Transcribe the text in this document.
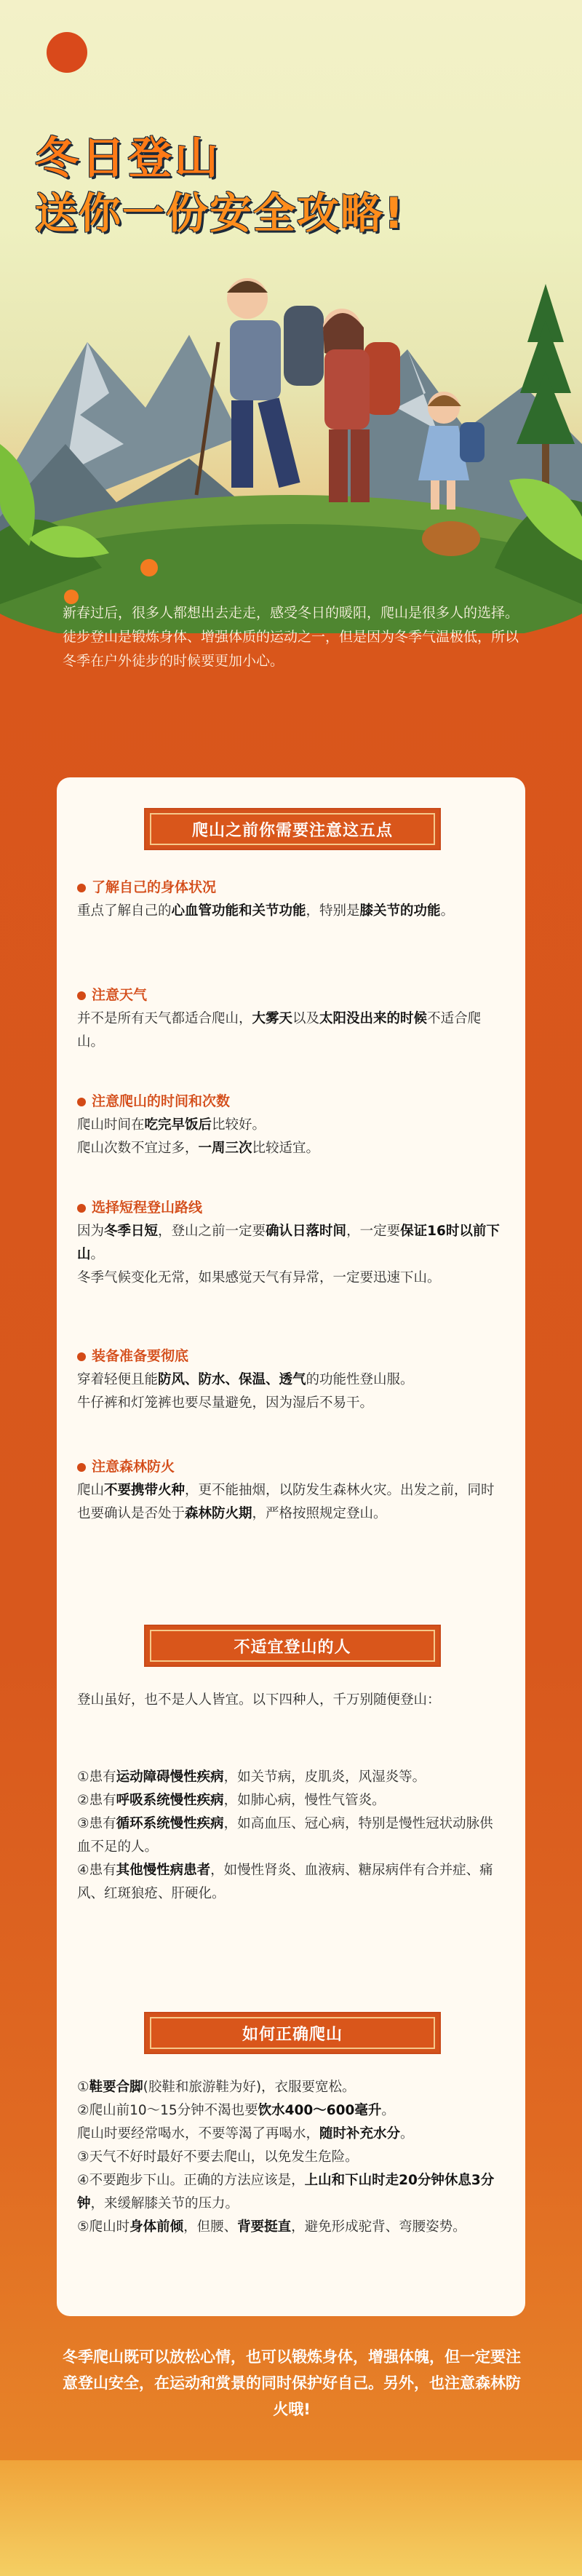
冬日登山
送你一份安全攻略!
新春过后，很多人都想出去走走，感受冬日的暖阳，爬山是很多人的选择。徒步登山是锻炼身体、增强体质的运动之一，但是因为冬季气温极低，所以冬季在户外徒步的时候要更加小心。
爬山之前你需要注意这五点
了解自己的身体状况
重点了解自己的心血管功能和关节功能，特别是膝关节的功能。
注意天气
并不是所有天气都适合爬山，大雾天以及太阳没出来的时候不适合爬山。
注意爬山的时间和次数
爬山时间在吃完早饭后比较好。
爬山次数不宜过多，一周三次比较适宜。
选择短程登山路线
因为冬季日短，登山之前一定要确认日落时间，一定要保证16时以前下山。
冬季气候变化无常，如果感觉天气有异常，一定要迅速下山。
装备准备要彻底
穿着轻便且能防风、防水、保温、透气的功能性登山服。
牛仔裤和灯笼裤也要尽量避免，因为湿后不易干。
注意森林防火
爬山不要携带火种，更不能抽烟，以防发生森林火灾。出发之前，同时也要确认是否处于森林防火期，严格按照规定登山。
不适宜登山的人
登山虽好，也不是人人皆宜。以下四种人，千万别随便登山：
①患有运动障碍慢性疾病，如关节病，皮肌炎，风湿炎等。
②患有呼吸系统慢性疾病，如肺心病，慢性气管炎。
③患有循环系统慢性疾病，如高血压、冠心病，特别是慢性冠状动脉供血不足的人。
④患有其他慢性病患者，如慢性肾炎、血液病、糖尿病伴有合并症、痛风、红斑狼疮、肝硬化。
如何正确爬山
①鞋要合脚(胶鞋和旅游鞋为好)，衣服要宽松。
②爬山前10～15分钟不渴也要饮水400～600毫升。
爬山时要经常喝水，不要等渴了再喝水，随时补充水分。
③天气不好时最好不要去爬山，以免发生危险。
④不要跑步下山。正确的方法应该是，上山和下山时走20分钟休息3分钟，来缓解膝关节的压力。
⑤爬山时身体前倾，但腰、背要挺直，避免形成驼背、弯腰姿势。
冬季爬山既可以放松心情，也可以锻炼身体，增强体魄，但一定要注意登山安全，在运动和赏景的同时保护好自己。另外，也注意森林防火哦!
